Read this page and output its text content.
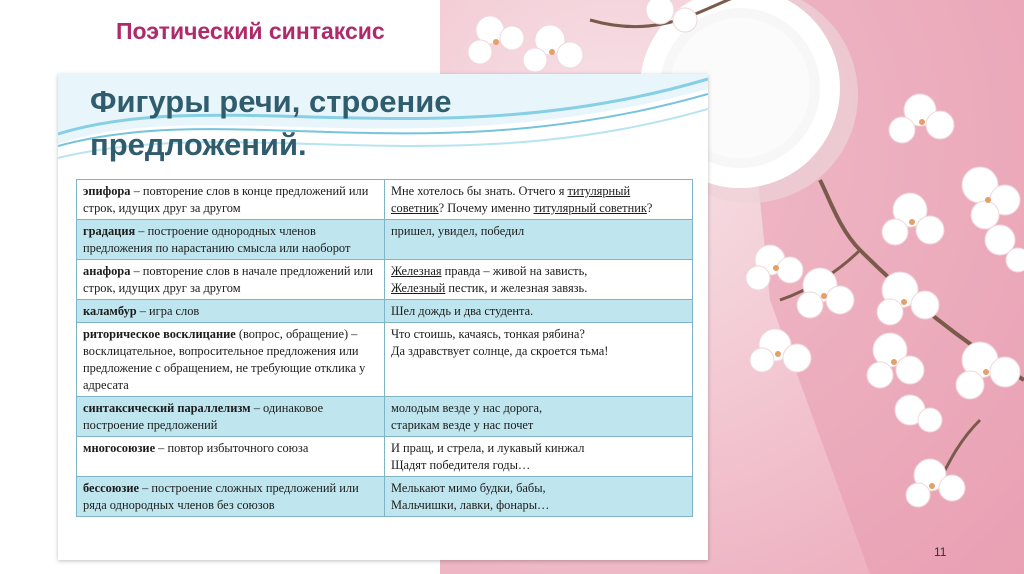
Поэтический синтаксис
Фигуры речи, строение
предложений.
эпифора – повторение слов в конце предложений или строк, идущих друг за другом	Мне хотелось бы знать. Отчего я титулярный советник? Почему именно титулярный советник?
градация – построение однородных членов предложения по нарастанию смысла или наоборот	пришел, увидел, победил
анафора – повторение слов в начале предложений или строк, идущих друг за другом	Железная правда – живой на зависть,
Железный пестик, и железная завязь.
каламбур – игра слов	Шел дождь и два студента.
риторическое восклицание (вопрос, обращение) – восклицательное, вопросительное предложения или предложение с обращением, не требующие отклика у адресата	Что стоишь, качаясь, тонкая рябина?
Да здравствует солнце, да скроется тьма!
синтаксический параллелизм – одинаковое построение предложений	молодым везде у нас дорога,
старикам везде у нас почет
многосоюзие – повтор избыточного союза	И пращ, и стрела, и лукавый кинжал
Щадят победителя годы…
бессоюзие – построение сложных предложений или ряда однородных членов без союзов	Мелькают мимо будки, бабы,
Мальчишки, лавки, фонары…
11
